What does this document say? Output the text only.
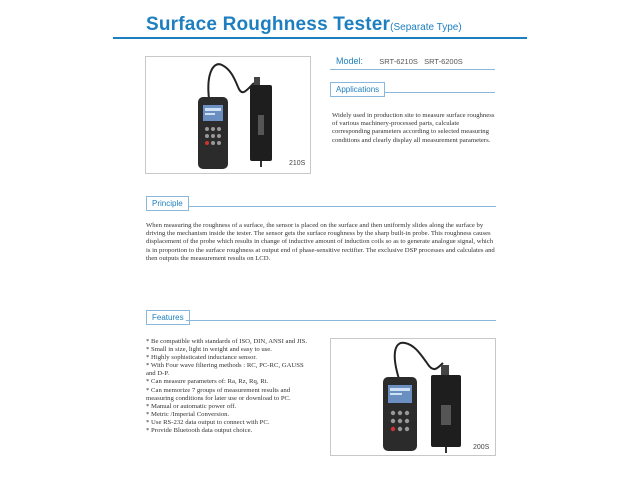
Surface Roughness Tester(Separate Type)
210S
Model: SRT-6210S SRT-6200S
Applications

Widely used in production site to measure surface roughness of various machinery-processed parts, calculate corresponding parameters according to selected measuring conditions and clearly display all measurement parameters.

Principle

When measuring the roughness of a surface, the sensor is placed on the surface and then uniformly slides along the surface by driving the mechanism inside the tester. The sensor gets the surface roughness by the sharp built-in probe. This roughness causes displacement of the probe which results in change of inductive amount of induction coils so as to generate analogue signal, which is in proportion to the surface roughness at output end of phase-sensitive rectifier. The exclusive DSP processes and calculates and then outputs the measurement results on LCD.

Features
* Be compatible with standards of ISO, DIN, ANSI and JIS.
* Small in size, light in weight and easy to use.
* Highly sophisticated inductance sensor.
* With Four wave filtering methods : RC, PC-RC, GAUSS
and D-P.
* Can measure parameters of: Ra, Rz, Rq, Rt.
* Can memorize 7 groups of measurement results and
measuring conditions for later use or download to PC.
* Manual or automatic power off.
* Metric /Imperial Conversion.
* Use RS-232 data output to connect with PC.
* Provide Bluetooth data output choice.
200S
